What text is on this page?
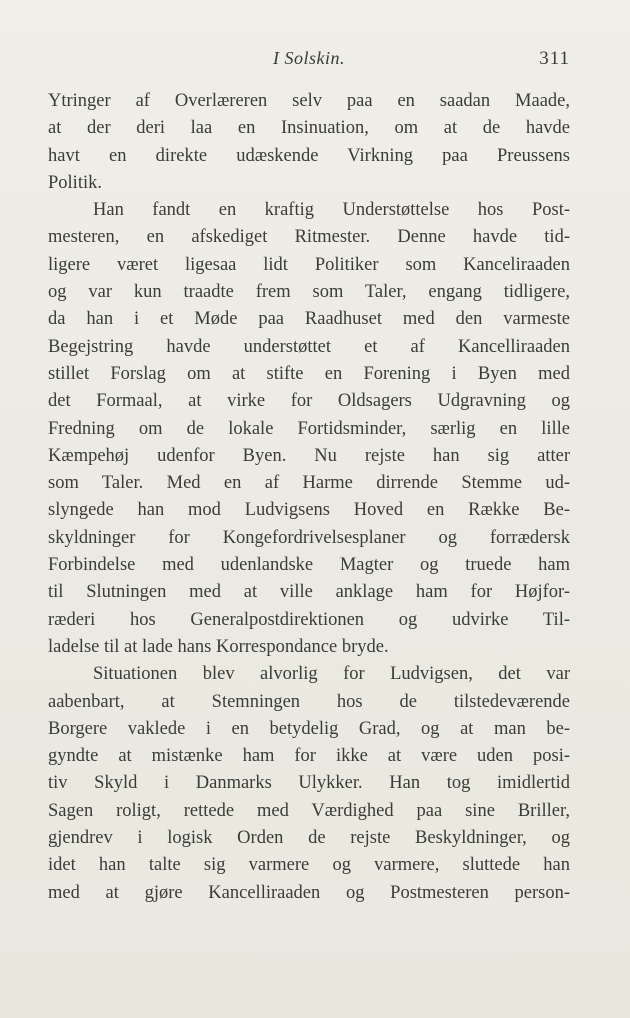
I Solskin.	311
Ytringer af Overlæreren selv paa en saadan Maade,
at der deri laa en Insinuation, om at de havde
havt en direkte udæskende Virkning paa Preussens
Politik.
Han fandt en kraftig Understøttelse hos Post-
mesteren, en afskediget Ritmester. Denne havde tid-
ligere været ligesaa lidt Politiker som Kanceliraaden
og var kun traadte frem som Taler, engang tidligere,
da han i et Møde paa Raadhuset med den varmeste
Begejstring havde understøttet et af Kancelliraaden
stillet Forslag om at stifte en Forening i Byen med
det Formaal, at virke for Oldsagers Udgravning og
Fredning om de lokale Fortidsminder, særlig en lille
Kæmpehøj udenfor Byen. Nu rejste han sig atter
som Taler. Med en af Harme dirrende Stemme ud-
slyngede han mod Ludvigsens Hoved en Række Be-
skyldninger for Kongefordrivelsesplaner og forrædersk
Forbindelse med udenlandske Magter og truede ham
til Slutningen med at ville anklage ham for Højfor-
ræderi hos Generalpostdirektionen og udvirke Til-
ladelse til at lade hans Korrespondance bryde.
Situationen blev alvorlig for Ludvigsen, det var
aabenbart, at Stemningen hos de tilstedeværende
Borgere vaklede i en betydelig Grad, og at man be-
gyndte at mistænke ham for ikke at være uden posi-
tiv Skyld i Danmarks Ulykker. Han tog imidlertid
Sagen roligt, rettede med Værdighed paa sine Briller,
gjendrev i logisk Orden de rejste Beskyldninger, og
idet han talte sig varmere og varmere, sluttede han
med at gjøre Kancelliraaden og Postmesteren person-
